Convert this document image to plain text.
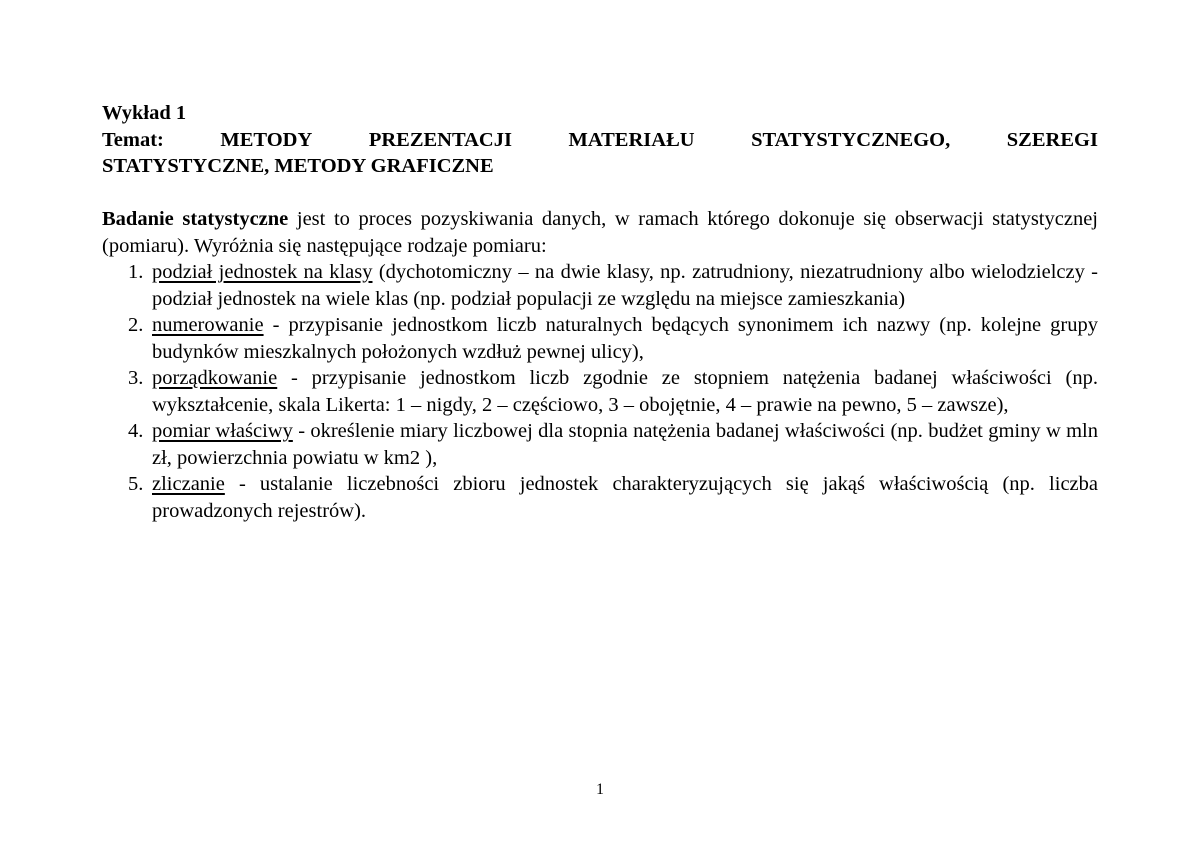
Wykład 1

Temat:	METODY	PREZENTACJI	MATERIAŁU	STATYSTYCZNEGO,	SZEREGI
STATYSTYCZNE, METODY GRAFICZNE

Badanie statystyczne jest to proces pozyskiwania danych, w ramach którego dokonuje się obserwacji statystycznej (pomiaru). Wyróżnia się następujące rodzaje pomiaru:

1. podział jednostek na klasy (dychotomiczny – na dwie klasy, np. zatrudniony, niezatrudniony albo wielodzielczy - podział jednostek na wiele klas (np. podział populacji ze względu na miejsce zamieszkania)
2. numerowanie - przypisanie jednostkom liczb naturalnych będących synonimem ich nazwy (np. kolejne grupy budynków mieszkalnych położonych wzdłuż pewnej ulicy),
3. porządkowanie - przypisanie jednostkom liczb zgodnie ze stopniem natężenia badanej właściwości (np. wykształcenie, skala Likerta: 1 – nigdy, 2 – częściowo, 3 – obojętnie, 4 – prawie na pewno, 5 – zawsze),
4. pomiar właściwy - określenie miary liczbowej dla stopnia natężenia badanej właściwości (np. budżet gminy w mln zł, powierzchnia powiatu w km2 ),
5. zliczanie - ustalanie liczebności zbioru jednostek charakteryzujących się jakąś właściwością (np. liczba prowadzonych rejestrów).
1
